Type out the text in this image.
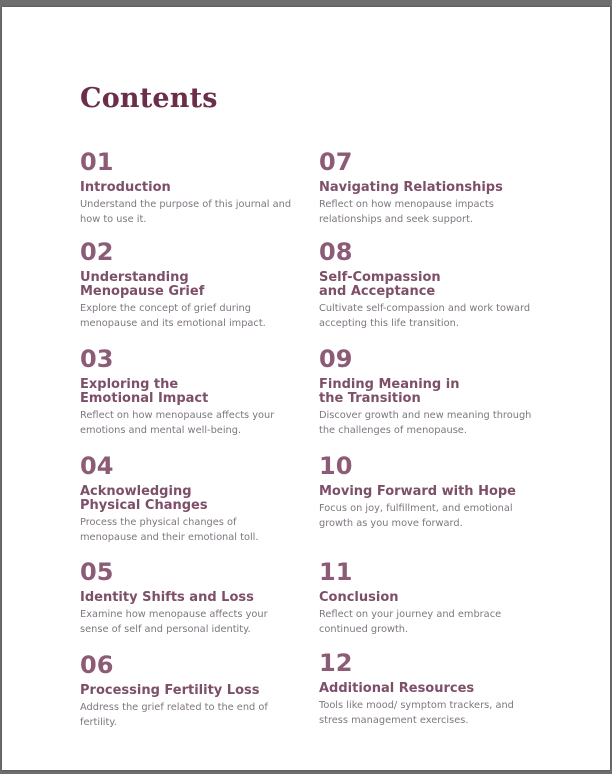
Contents
01
Introduction
Understand the purpose of this journal and how to use it.
02
Understanding
Menopause Grief
Explore the concept of grief during menopause and its emotional impact.
03
Exploring the
Emotional Impact
Reflect on how menopause affects your emotions and mental well-being.
04
Acknowledging
Physical Changes
Process the physical changes of menopause and their emotional toll.
05
Identity Shifts and Loss
Examine how menopause affects your sense of self and personal identity.
06
Processing Fertility Loss
Address the grief related to the end of fertility.
07
Navigating Relationships
Reflect on how menopause impacts relationships and seek support.
08
Self-Compassion
and Acceptance
Cultivate self-compassion and work toward accepting this life transition.
09
Finding Meaning in
the Transition
Discover growth and new meaning through the challenges of menopause.
10
Moving Forward with Hope
Focus on joy, fulfillment, and emotional growth as you move forward.
11
Conclusion
Reflect on your journey and embrace continued growth.
12
Additional Resources
Tools like mood/ symptom trackers, and stress management exercises.
